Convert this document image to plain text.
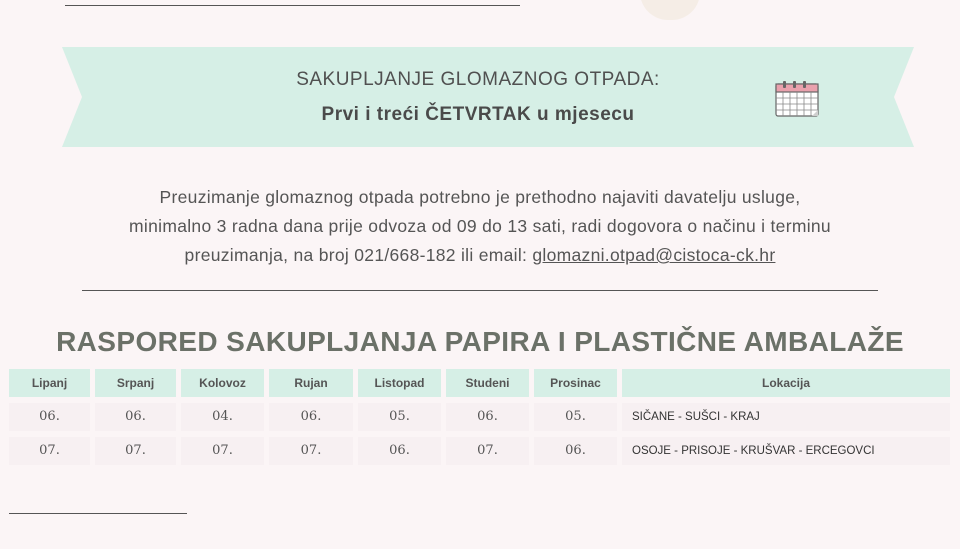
SAKUPLJANJE GLOMAZNOG OTPADA:
Prvi i treći ČETVRTAK u mjesecu
Preuzimanje glomaznog otpada potrebno je prethodno najaviti davatelju usluge,
minimalno 3 radna dana prije odvoza od 09 do 13 sati, radi dogovora o načinu i terminu
preuzimanja, na broj 021/668-182 ili email: glomazni.otpad@cistoca-ck.hr
RASPORED SAKUPLJANJA PAPIRA I PLASTIČNE AMBALAŽE
Lipanj	Srpanj	Kolovoz	Rujan	Listopad	Studeni	Prosinac	Lokacija
06.	06.	04.	06.	05.	06.	05.	SIČANE - SUŠCI - KRAJ
07.	07.	07.	07.	06.	07.	06.	OSOJE - PRISOJE - KRUŠVAR - ERCEGOVCI
